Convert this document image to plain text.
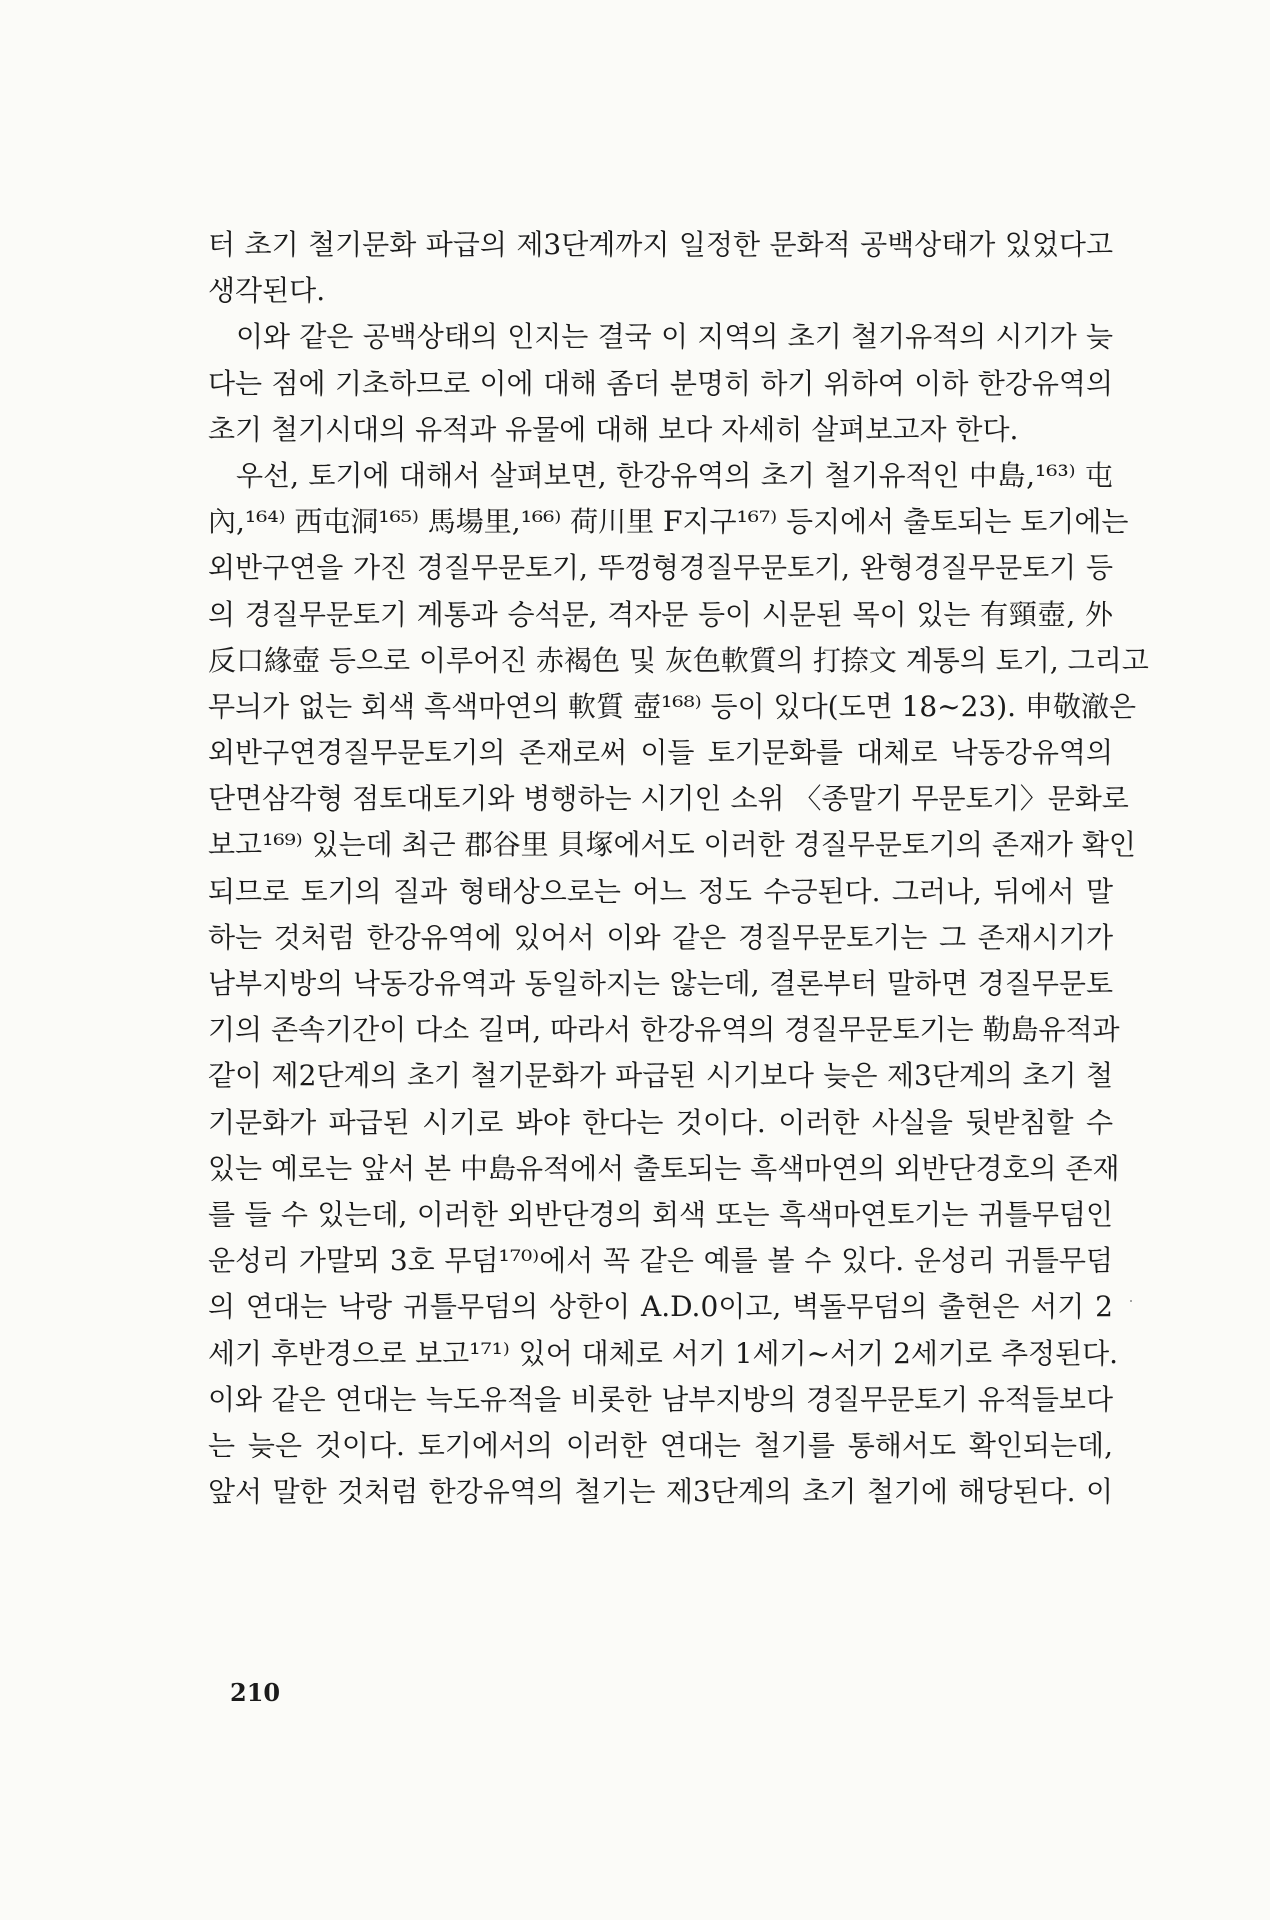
터 초기 철기문화 파급의 제3단계까지 일정한 문화적 공백상태가 있었다고
생각된다.
이와 같은 공백상태의 인지는 결국 이 지역의 초기 철기유적의 시기가 늦
다는 점에 기초하므로 이에 대해 좀더 분명히 하기 위하여 이하 한강유역의
초기 철기시대의 유적과 유물에 대해 보다 자세히 살펴보고자 한다.
우선, 토기에 대해서 살펴보면, 한강유역의 초기 철기유적인 中島,¹⁶³⁾ 屯
內,¹⁶⁴⁾ 西屯洞¹⁶⁵⁾ 馬場里,¹⁶⁶⁾ 荷川里 F지구¹⁶⁷⁾ 등지에서 출토되는 토기에는
외반구연을 가진 경질무문토기, 뚜껑형경질무문토기, 완형경질무문토기 등
의 경질무문토기 계통과 승석문, 격자문 등이 시문된 목이 있는 有頸壺, 外
反口緣壺 등으로 이루어진 赤褐色 및 灰色軟質의 打捺文 계통의 토기, 그리고
무늬가 없는 회색 흑색마연의 軟質 壺¹⁶⁸⁾ 등이 있다(도면 18~23). 申敬澈은
외반구연경질무문토기의 존재로써 이들 토기문화를 대체로 낙동강유역의
단면삼각형 점토대토기와 병행하는 시기인 소위 〈종말기 무문토기〉문화로
보고¹⁶⁹⁾ 있는데 최근 郡谷里 貝塚에서도 이러한 경질무문토기의 존재가 확인
되므로 토기의 질과 형태상으로는 어느 정도 수긍된다. 그러나, 뒤에서 말
하는 것처럼 한강유역에 있어서 이와 같은 경질무문토기는 그 존재시기가
남부지방의 낙동강유역과 동일하지는 않는데, 결론부터 말하면 경질무문토
기의 존속기간이 다소 길며, 따라서 한강유역의 경질무문토기는 勒島유적과
같이 제2단계의 초기 철기문화가 파급된 시기보다 늦은 제3단계의 초기 철
기문화가 파급된 시기로 봐야 한다는 것이다. 이러한 사실을 뒷받침할 수
있는 예로는 앞서 본 中島유적에서 출토되는 흑색마연의 외반단경호의 존재
를 들 수 있는데, 이러한 외반단경의 회색 또는 흑색마연토기는 귀틀무덤인
운성리 가말뫼 3호 무덤¹⁷⁰⁾에서 꼭 같은 예를 볼 수 있다. 운성리 귀틀무덤
의 연대는 낙랑 귀틀무덤의 상한이 A.D.0이고, 벽돌무덤의 출현은 서기 2
세기 후반경으로 보고¹⁷¹⁾ 있어 대체로 서기 1세기~서기 2세기로 추정된다.
이와 같은 연대는 늑도유적을 비롯한 남부지방의 경질무문토기 유적들보다
는 늦은 것이다. 토기에서의 이러한 연대는 철기를 통해서도 확인되는데,
앞서 말한 것처럼 한강유역의 철기는 제3단계의 초기 철기에 해당된다. 이
210
